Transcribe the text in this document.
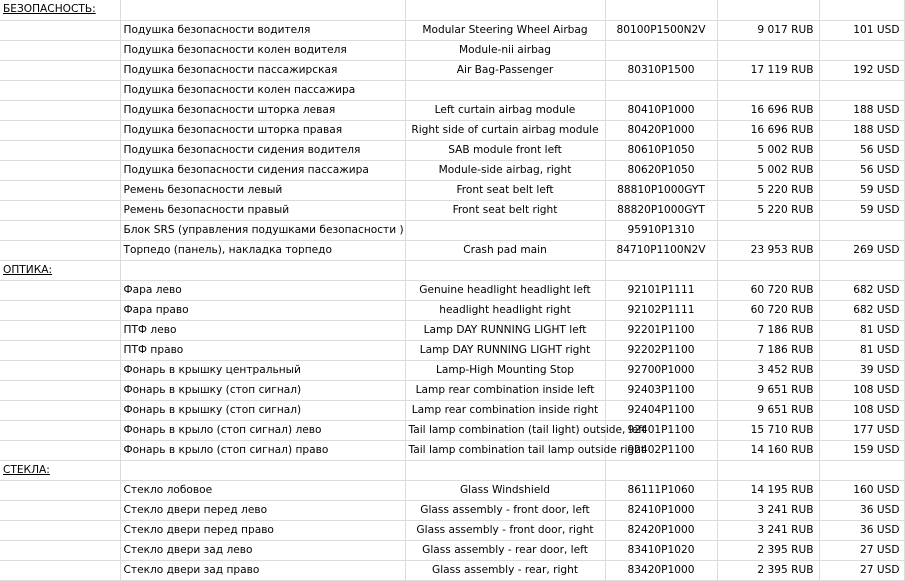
БЕЗОПАСНОСТЬ:					
	Подушка безопасности водителя	Modular Steering Wheel Airbag	80100P1500N2V	9 017 RUB	101 USD
	Подушка безопасности колен водителя	Module-nii airbag			
	Подушка безопасности пассажирская	Air Bag-Passenger	80310P1500	17 119 RUB	192 USD
	Подушка безопасности колен пассажира				
	Подушка безопасности шторка левая	Left curtain airbag module	80410P1000	16 696 RUB	188 USD
	Подушка безопасности шторка правая	Right side of curtain airbag module	80420P1000	16 696 RUB	188 USD
	Подушка безопасности сидения водителя	SAB module front left	80610P1050	5 002 RUB	56 USD
	Подушка безопасности сидения пассажира	Module-side airbag, right	80620P1050	5 002 RUB	56 USD
	Ремень безопасности левый	Front seat belt left	88810P1000GYT	5 220 RUB	59 USD
	Ремень безопасности правый	Front seat belt right	88820P1000GYT	5 220 RUB	59 USD
	Блок SRS (управления подушками безопасности )		95910P1310		
	Торпедо (панель), накладка торпедо	Crash pad main	84710P1100N2V	23 953 RUB	269 USD
ОПТИКА:					
	Фара лево	Genuine headlight headlight left	92101P1111	60 720 RUB	682 USD
	Фара право	headlight headlight right	92102P1111	60 720 RUB	682 USD
	ПТФ лево	Lamp DAY RUNNING LIGHT left	92201P1100	7 186 RUB	81 USD
	ПТФ право	Lamp DAY RUNNING LIGHT right	92202P1100	7 186 RUB	81 USD
	Фонарь в крышку центральный	Lamp-High Mounting Stop	92700P1000	3 452 RUB	39 USD
	Фонарь в крышку (стоп сигнал)	Lamp rear combination inside left	92403P1100	9 651 RUB	108 USD
	Фонарь в крышку (стоп сигнал)	Lamp rear combination inside right	92404P1100	9 651 RUB	108 USD
	Фонарь в крыло (стоп сигнал) лево	Tail lamp combination (tail light) outside, left	92401P1100	15 710 RUB	177 USD
	Фонарь в крыло (стоп сигнал) право	Tail lamp combination tail lamp outside right	92402P1100	14 160 RUB	159 USD
СТЕКЛА:					
	Стекло лобовое	Glass Windshield	86111P1060	14 195 RUB	160 USD
	Стекло двери перед лево	Glass assembly - front door, left	82410P1000	3 241 RUB	36 USD
	Стекло двери перед право	Glass assembly - front door, right	82420P1000	3 241 RUB	36 USD
	Стекло двери зад лево	Glass assembly - rear door, left	83410P1020	2 395 RUB	27 USD
	Стекло двери зад право	Glass assembly - rear, right	83420P1000	2 395 RUB	27 USD
